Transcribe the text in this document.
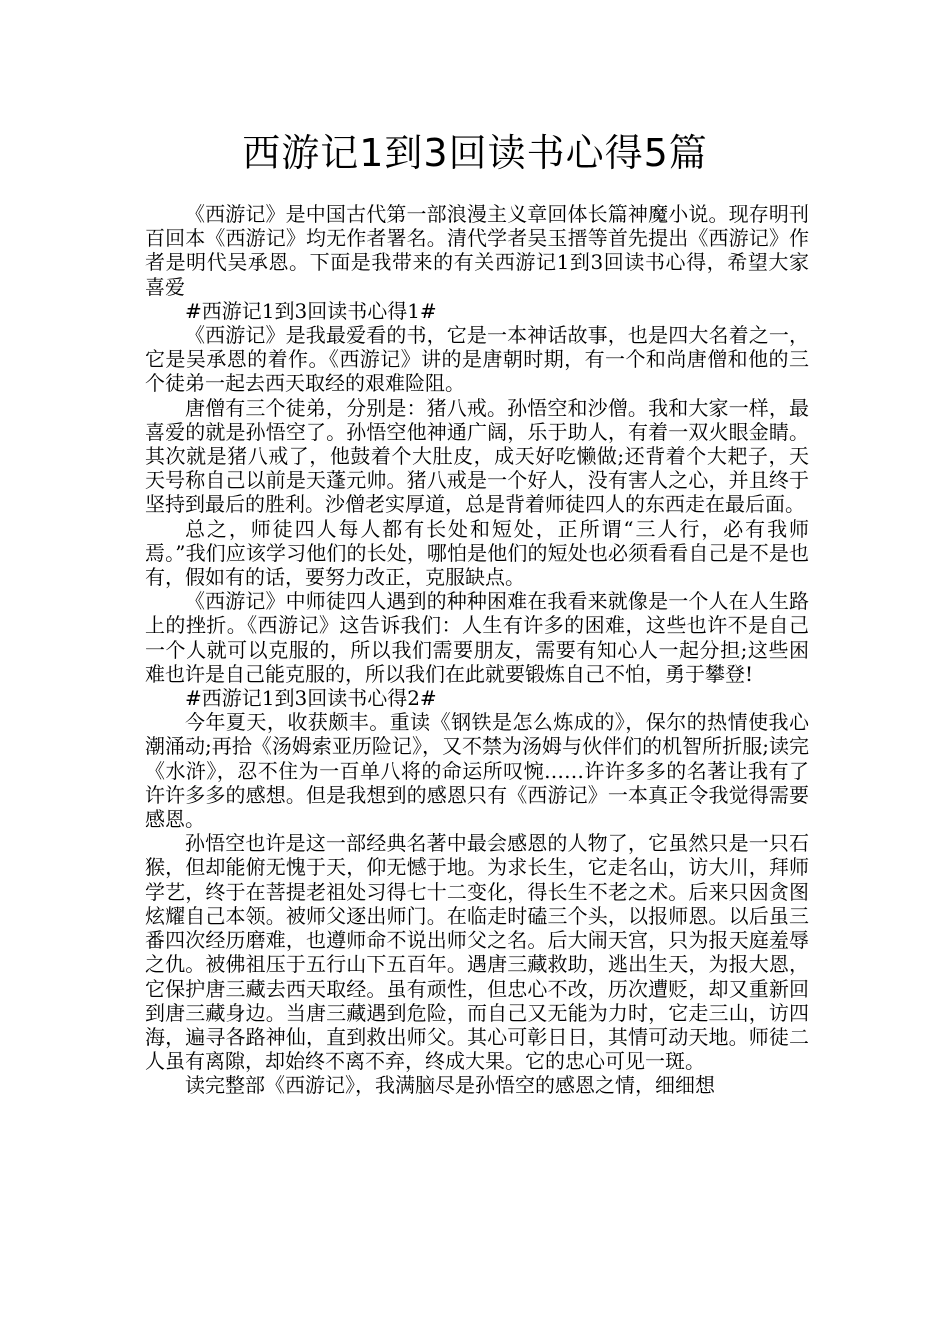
西游记1到3回读书心得5篇

《西游记》是中国古代第一部浪漫主义章回体长篇神魔小说。现存明刊百回本《西游记》均无作者署名。清代学者吴玉搢等首先提出《西游记》作者是明代吴承恩。下面是我带来的有关西游记1到3回读书心得，希望大家喜爱

#西游记1到3回读书心得1#

《西游记》是我最爱看的书，它是一本神话故事，也是四大名着之一，它是吴承恩的着作。《西游记》讲的是唐朝时期，有一个和尚唐僧和他的三个徒弟一起去西天取经的艰难险阻。

唐僧有三个徒弟，分别是：猪八戒。孙悟空和沙僧。我和大家一样，最喜爱的就是孙悟空了。孙悟空他神通广阔，乐于助人，有着一双火眼金睛。其次就是猪八戒了，他鼓着个大肚皮，成天好吃懒做;还背着个大耙子，天天号称自己以前是天蓬元帅。猪八戒是一个好人，没有害人之心，并且终于坚持到最后的胜利。沙僧老实厚道，总是背着师徒四人的东西走在最后面。

总之，师徒四人每人都有长处和短处，正所谓“三人行，必有我师焉。”我们应该学习他们的长处，哪怕是他们的短处也必须看看自己是不是也有，假如有的话，要努力改正，克服缺点。

《西游记》中师徒四人遇到的种种困难在我看来就像是一个人在人生路上的挫折。《西游记》这告诉我们：人生有许多的困难，这些也许不是自己一个人就可以克服的，所以我们需要朋友，需要有知心人一起分担;这些困难也许是自己能克服的，所以我们在此就要锻炼自己不怕，勇于攀登!

#西游记1到3回读书心得2#

今年夏天，收获颇丰。重读《钢铁是怎么炼成的》，保尔的热情使我心潮涌动;再拾《汤姆索亚历险记》，又不禁为汤姆与伙伴们的机智所折服;读完《水浒》，忍不住为一百单八将的命运所叹惋……许许多多的名著让我有了许许多多的感想。但是我想到的感恩只有《西游记》一本真正令我觉得需要感恩。

孙悟空也许是这一部经典名著中最会感恩的人物了，它虽然只是一只石猴，但却能俯无愧于天，仰无憾于地。为求长生，它走名山，访大川，拜师学艺，终于在菩提老祖处习得七十二变化，得长生不老之术。后来只因贪图炫耀自己本领。被师父逐出师门。在临走时磕三个头，以报师恩。以后虽三番四次经历磨难，也遵师命不说出师父之名。后大闹天宫，只为报天庭羞辱之仇。被佛祖压于五行山下五百年。遇唐三藏救助，逃出生天，为报大恩，它保护唐三藏去西天取经。虽有顽性，但忠心不改，历次遭贬，却又重新回到唐三藏身边。当唐三藏遇到危险，而自己又无能为力时，它走三山，访四海，遍寻各路神仙，直到救出师父。其心可彰日日，其情可动天地。师徒二人虽有离隙，却始终不离不弃，终成大果。它的忠心可见一斑。

读完整部《西游记》，我满脑尽是孙悟空的感恩之情，细细想
